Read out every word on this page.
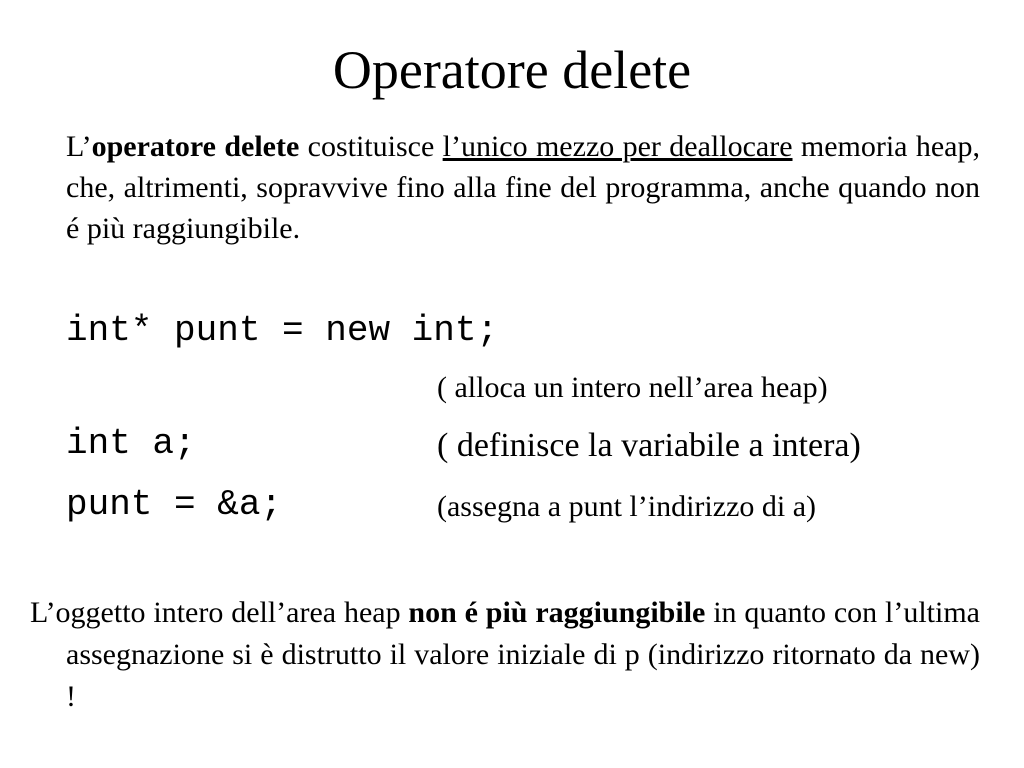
Operatore delete
L’operatore delete costituisce l’unico mezzo per deallocare memoria heap, che, altrimenti, sopravvive fino alla fine del programma, anche quando non é più raggiungibile.
int* punt = new int;
( alloca un intero nell’area heap)
int a;	( definisce la variabile a intera)
punt = &a;	(assegna a punt l’indirizzo di a)
L’oggetto intero dell’area heap non é più raggiungibile in quanto con l’ultima assegnazione si è distrutto il valore iniziale di p (indirizzo ritornato da new) !
